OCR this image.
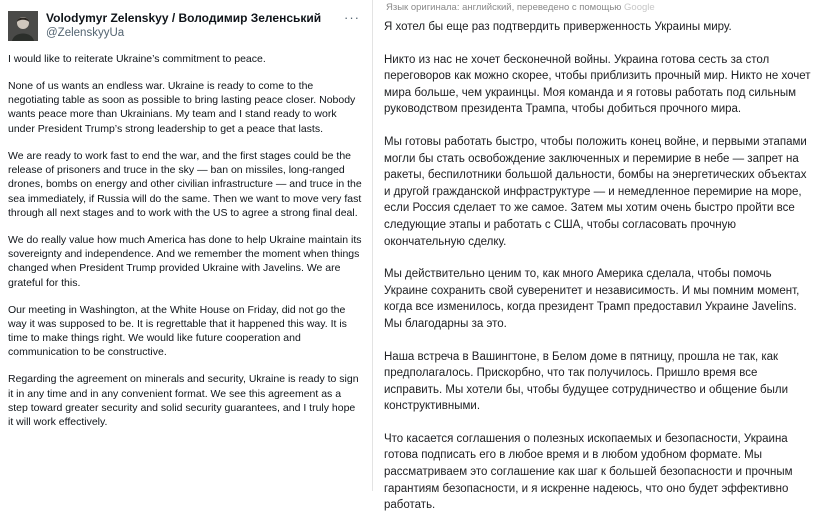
Volodymyr Zelenskyy / Володимир Зеленський
@ZelenskyyUa
···

I would like to reiterate Ukraine’s commitment to peace.

None of us wants an endless war. Ukraine is ready to come to the negotiating table as soon as possible to bring lasting peace closer. Nobody wants peace more than Ukrainians. My team and I stand ready to work under President Trump’s strong leadership to get a peace that lasts.

We are ready to work fast to end the war, and the first stages could be the release of prisoners and truce in the sky — ban on missiles, long-ranged drones, bombs on energy and other civilian infrastructure — and truce in the sea immediately, if Russia will do the same. Then we want to move very fast through all next stages and to work with the US to agree a strong final deal.

We do really value how much America has done to help Ukraine maintain its sovereignty and independence. And we remember the moment when things changed when President Trump provided Ukraine with Javelins. We are grateful for this.

Our meeting in Washington, at the White House on Friday, did not go the way it was supposed to be. It is regrettable that it happened this way. It is time to make things right. We would like future cooperation and communication to be constructive.

Regarding the agreement on minerals and security, Ukraine is ready to sign it in any time and in any convenient format. We see this agreement as a step toward greater security and solid security guarantees, and I truly hope it will work effectively.

Язык оригинала: английский, переведено с помощью Google

Я хотел бы еще раз подтвердить приверженность Украины миру.

Никто из нас не хочет бесконечной войны. Украина готова сесть за стол переговоров как можно скорее, чтобы приблизить прочный мир. Никто не хочет мира больше, чем украинцы. Моя команда и я готовы работать под сильным руководством президента Трампа, чтобы добиться прочного мира.

Мы готовы работать быстро, чтобы положить конец войне, и первыми этапами могли бы стать освобождение заключенных и перемирие в небе — запрет на ракеты, беспилотники большой дальности, бомбы на энергетических объектах и другой гражданской инфраструктуре — и немедленное перемирие на море, если Россия сделает то же самое. Затем мы хотим очень быстро пройти все следующие этапы и работать с США, чтобы согласовать прочную окончательную сделку.

Мы действительно ценим то, как много Америка сделала, чтобы помочь Украине сохранить свой суверенитет и независимость. И мы помним момент, когда все изменилось, когда президент Трамп предоставил Украине Javelins. Мы благодарны за это.

Наша встреча в Вашингтоне, в Белом доме в пятницу, прошла не так, как предполагалось. Прискорбно, что так получилось. Пришло время все исправить. Мы хотели бы, чтобы будущее сотрудничество и общение были конструктивными.

Что касается соглашения о полезных ископаемых и безопасности, Украина готова подписать его в любое время и в любом удобном формате. Мы рассматриваем это соглашение как шаг к большей безопасности и прочным гарантиям безопасности, и я искренне надеюсь, что оно будет эффективно работать.
